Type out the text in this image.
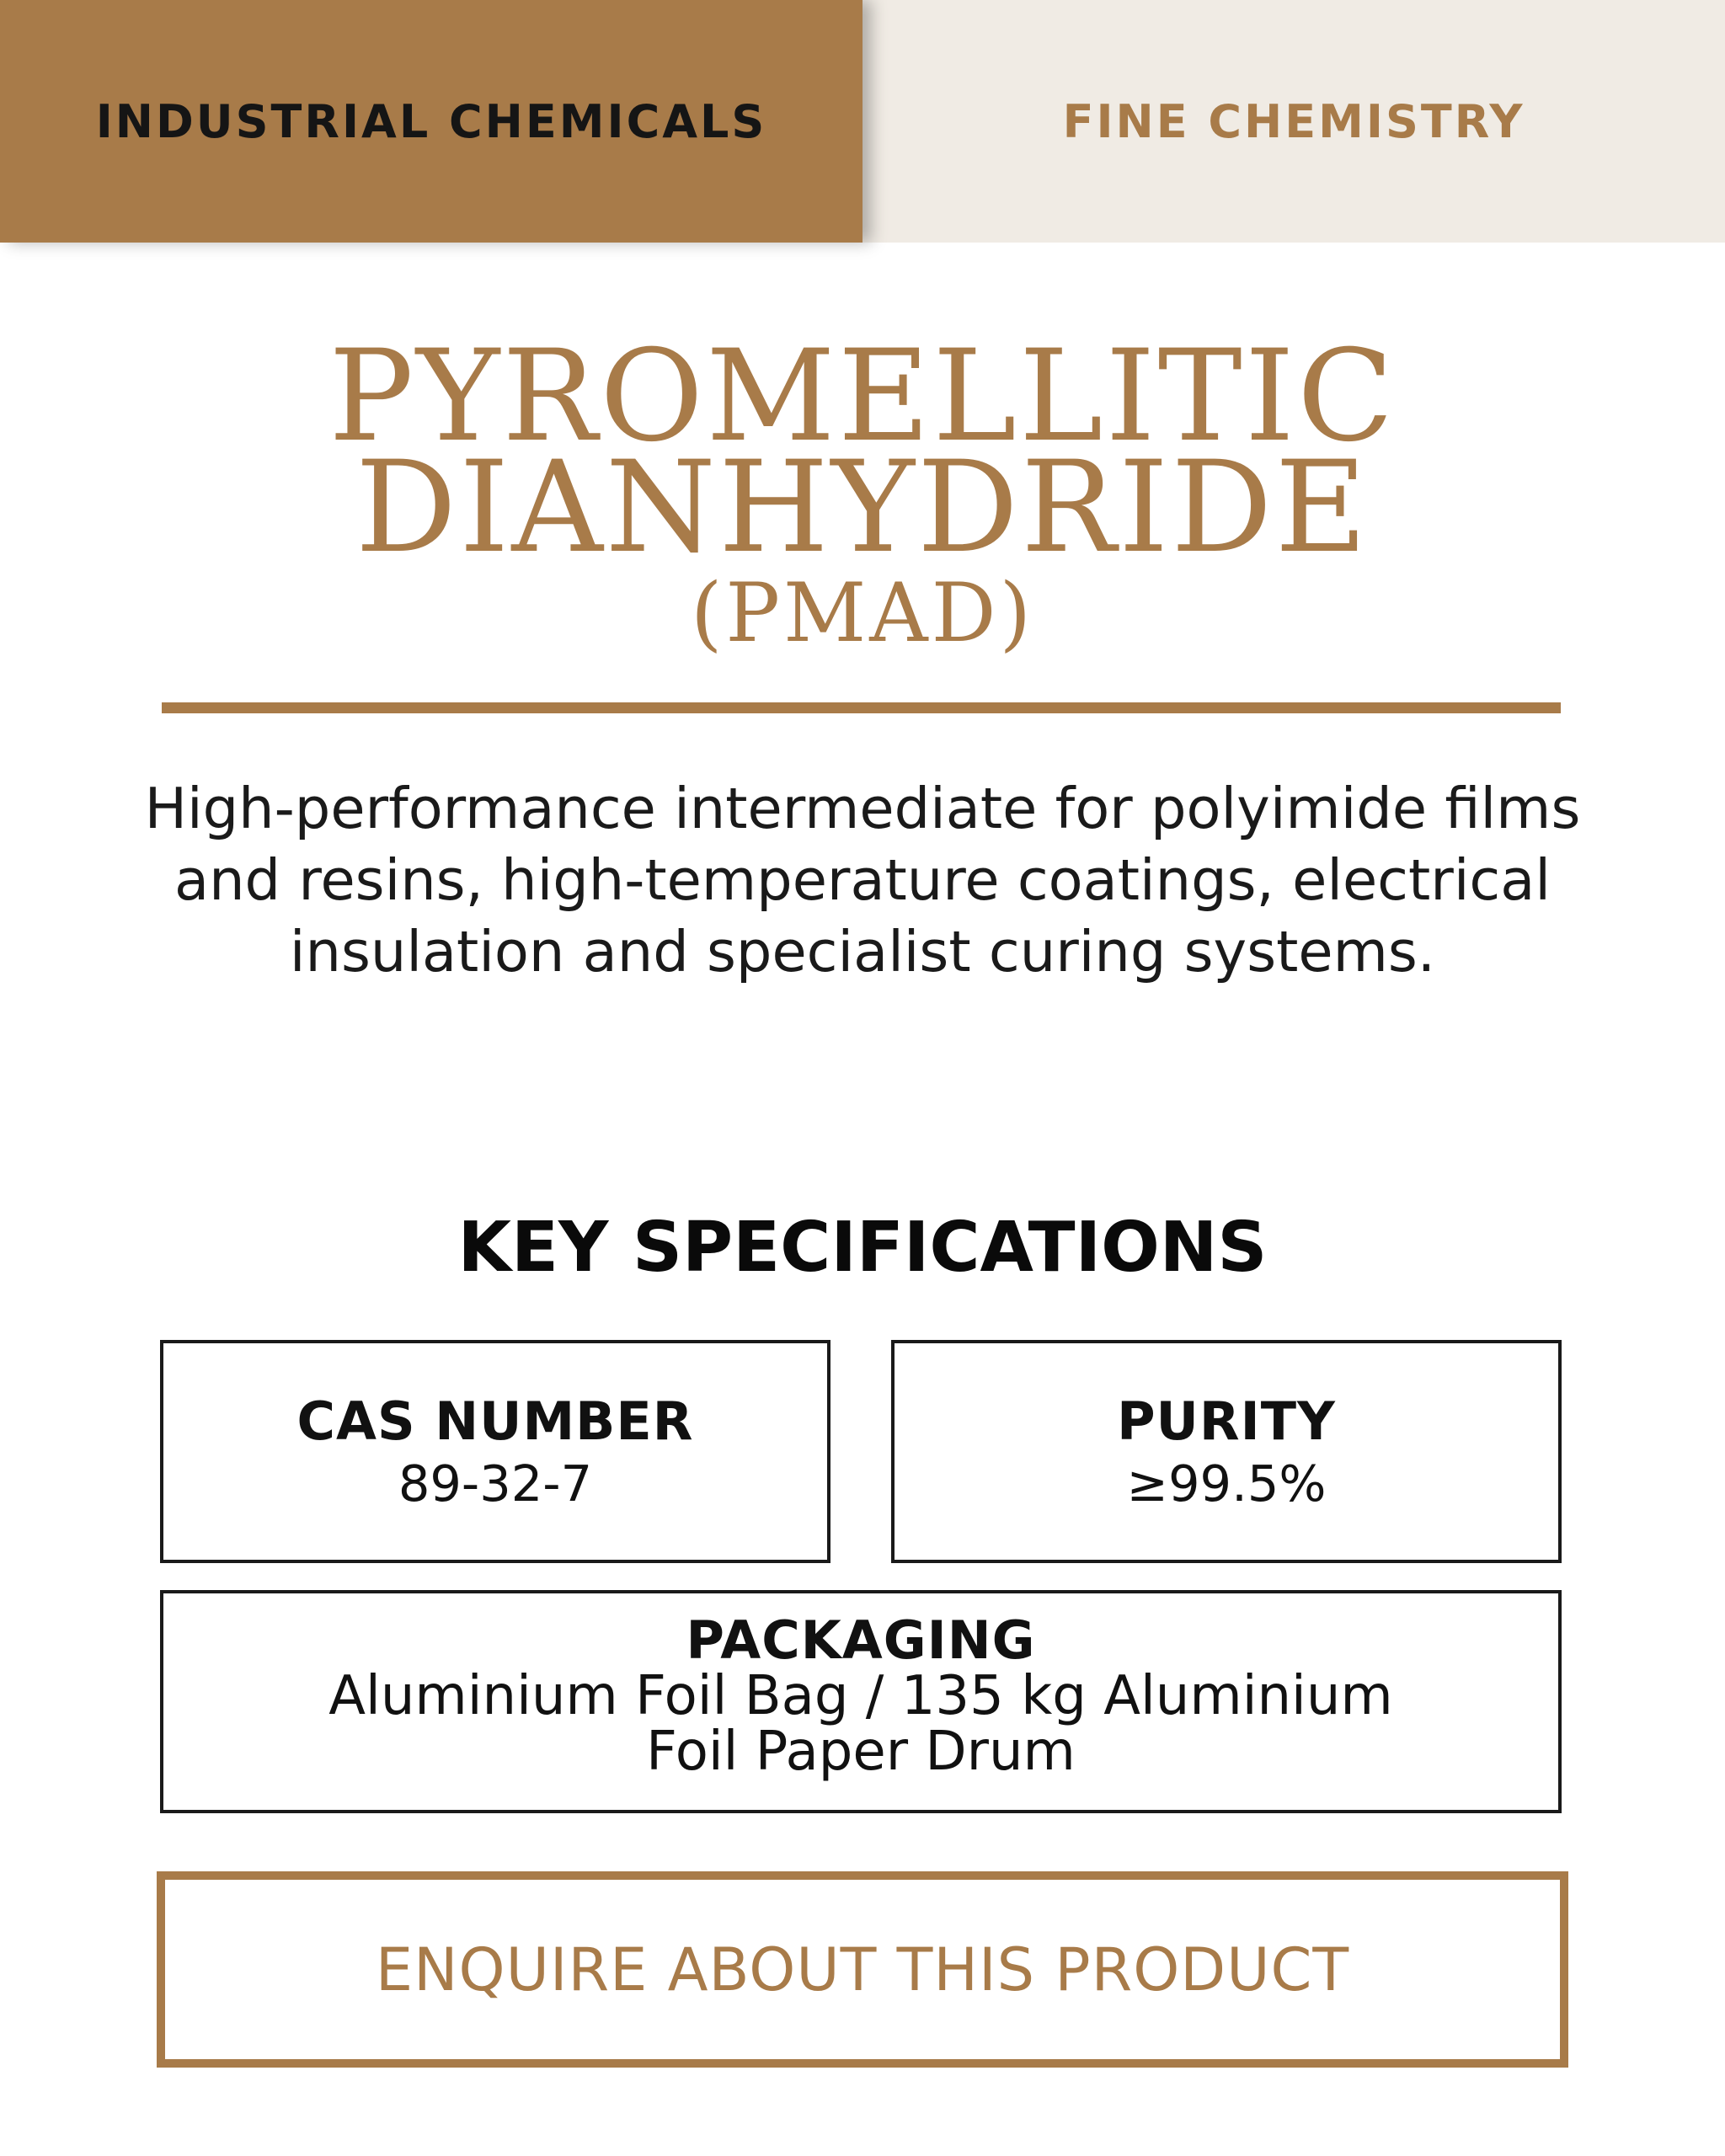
INDUSTRIAL CHEMICALS	FINE CHEMISTRY
PYROMELLITIC
DIANHYDRIDE
(PMAD)
High-performance intermediate for polyimide films and resins, high-temperature coatings, electrical insulation and specialist curing systems.
KEY SPECIFICATIONS
CAS NUMBER
89-32-7
PURITY
≥99.5%
PACKAGING
Aluminium Foil Bag / 135 kg Aluminium
Foil Paper Drum
ENQUIRE ABOUT THIS PRODUCT
